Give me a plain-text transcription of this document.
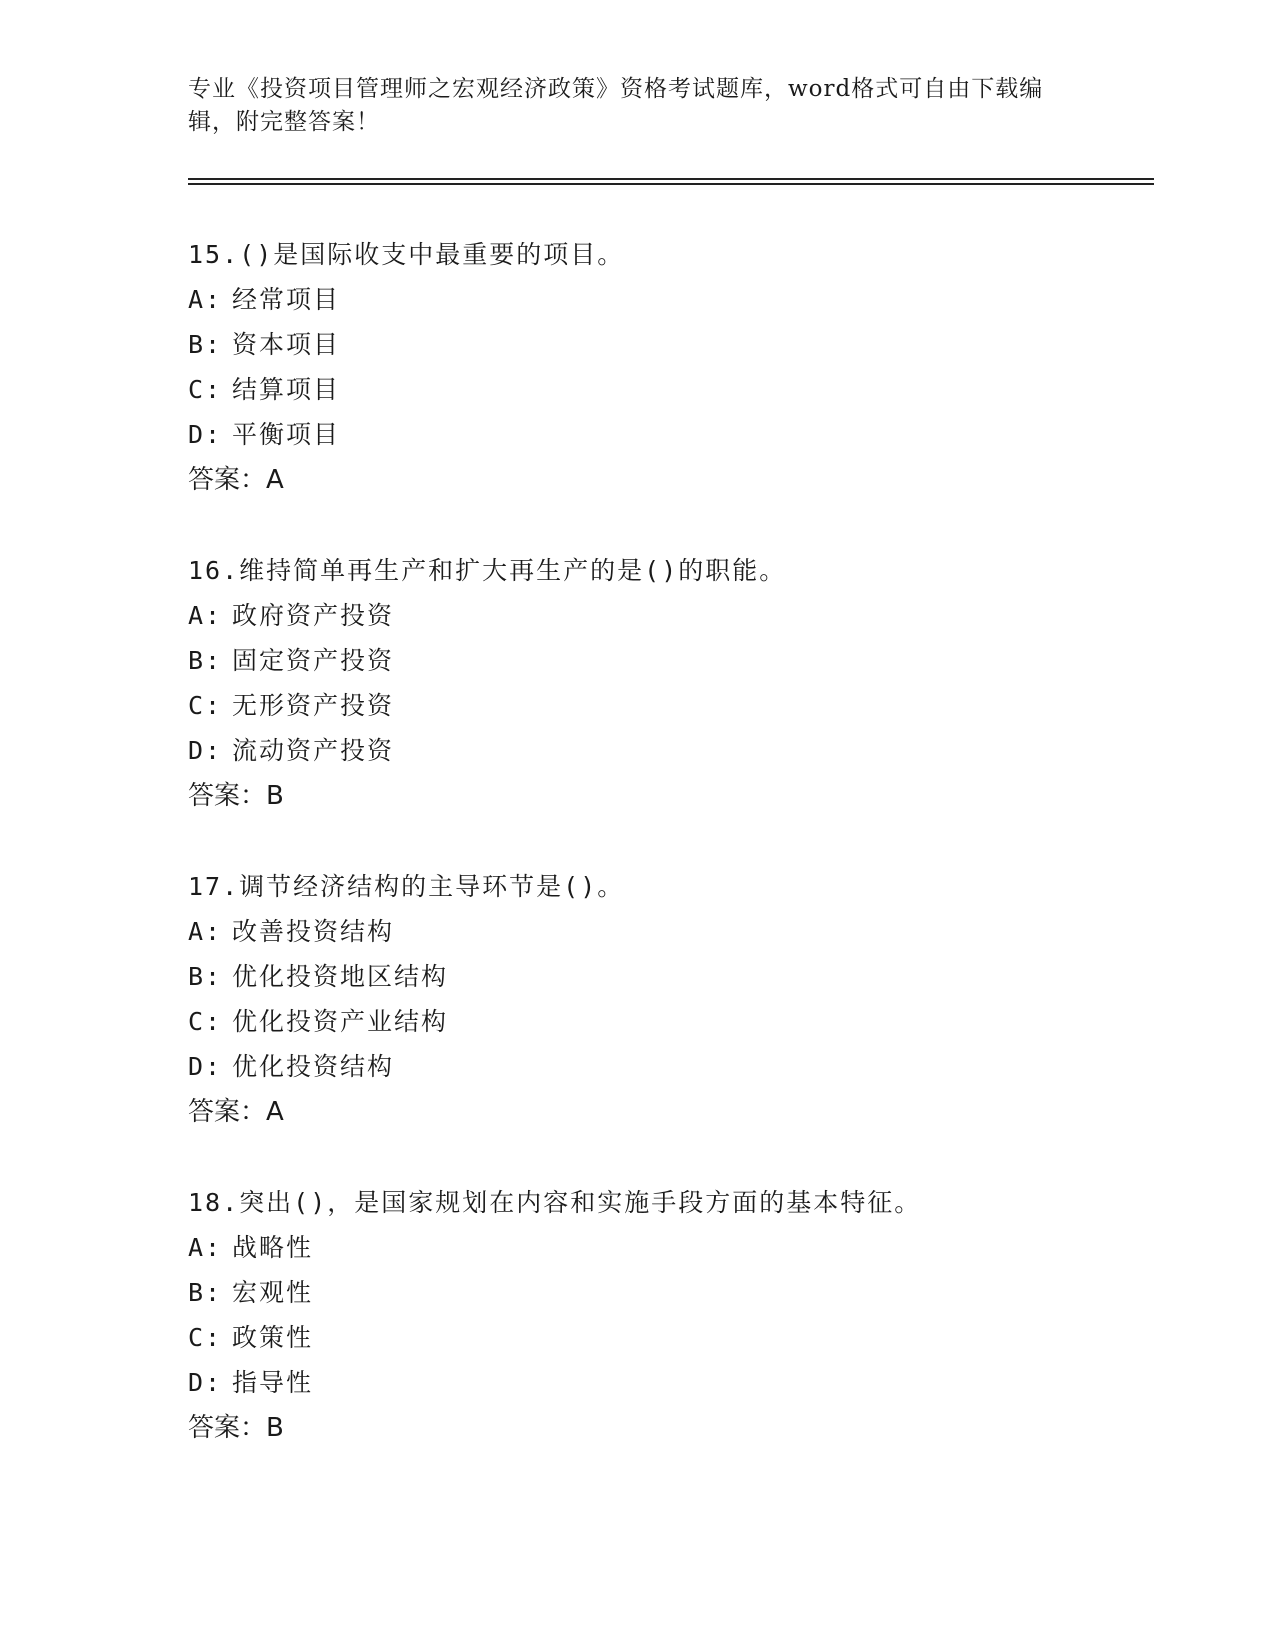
专业《投资项目管理师之宏观经济政策》资格考试题库，word格式可自由下载编
辑，附完整答案！
15.()是国际收支中最重要的项目。
A: 经常项目
B: 资本项目
C: 结算项目
D: 平衡项目
答案：A
16.维持简单再生产和扩大再生产的是()的职能。
A: 政府资产投资
B: 固定资产投资
C: 无形资产投资
D: 流动资产投资
答案：B
17.调节经济结构的主导环节是()。
A: 改善投资结构
B: 优化投资地区结构
C: 优化投资产业结构
D: 优化投资结构
答案：A
18.突出()，是国家规划在内容和实施手段方面的基本特征。
A: 战略性
B: 宏观性
C: 政策性
D: 指导性
答案：B
